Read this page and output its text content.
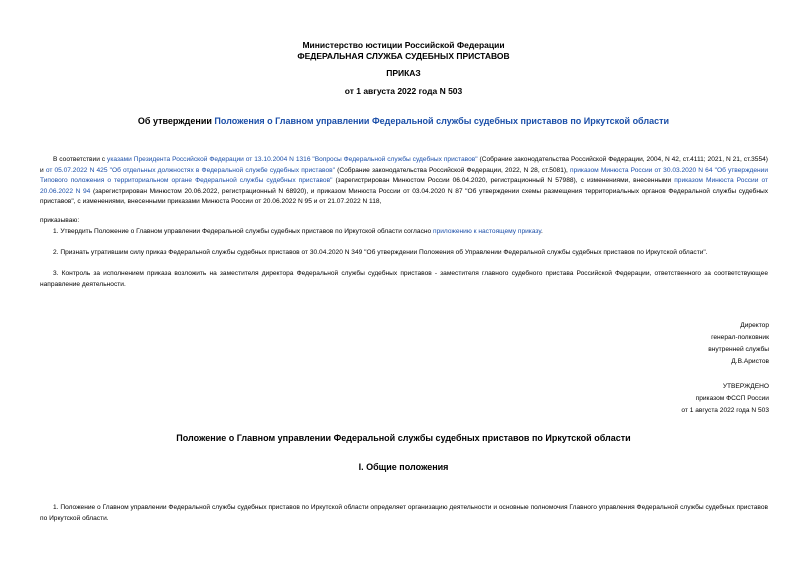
Министерство юстиции Российской Федерации
ФЕДЕРАЛЬНАЯ СЛУЖБА СУДЕБНЫХ ПРИСТАВОВ
ПРИКАЗ
от 1 августа 2022 года N 503
Об утверждении Положения о Главном управлении Федеральной службы судебных приставов по Иркутской области
В соответствии с указами Президента Российской Федерации от 13.10.2004 N 1316 "Вопросы Федеральной службы судебных приставов" (Собрание законодательства Российской Федерации, 2004, N 42, ст.4111; 2021, N 21, ст.3554) и от 05.07.2022 N 425 "Об отдельных должностях в Федеральной службе судебных приставов" (Собрание законодательства Российской Федерации, 2022, N 28, ст.5081), приказом Минюста России от 30.03.2020 N 64 "Об утверждении Типового положения о территориальном органе Федеральной службы судебных приставов" (зарегистрирован Минюстом России 06.04.2020, регистрационный N 57988), с изменениями, внесенными приказом Минюста России от 20.06.2022 N 94 (зарегистрирован Минюстом 20.06.2022, регистрационный N 68920), и приказом Минюста России от 03.04.2020 N 87 "Об утверждении схемы размещения территориальных органов Федеральной службы судебных приставов", с изменениями, внесенными приказами Минюста России от 20.06.2022 N 95 и от 21.07.2022 N 118,
приказываю:
1. Утвердить Положение о Главном управлении Федеральной службы судебных приставов по Иркутской области согласно приложению к настоящему приказу.
2. Признать утратившим силу приказ Федеральной службы судебных приставов от 30.04.2020 N 349 "Об утверждении Положения об Управлении Федеральной службы судебных приставов по Иркутской области".
3. Контроль за исполнением приказа возложить на заместителя директора Федеральной службы судебных приставов - заместителя главного судебного пристава Российской Федерации, ответственного за соответствующее направление деятельности.
Директор
генерал-полковник
внутренней службы
Д.В.Аристов
УТВЕРЖДЕНО
приказом ФССП России
от 1 августа 2022 года N 503
Положение о Главном управлении Федеральной службы судебных приставов по Иркутской области
I. Общие положения
1. Положение о Главном управлении Федеральной службы судебных приставов по Иркутской области определяет организацию деятельности и основные полномочия Главного управления Федеральной службы судебных приставов по Иркутской области.
